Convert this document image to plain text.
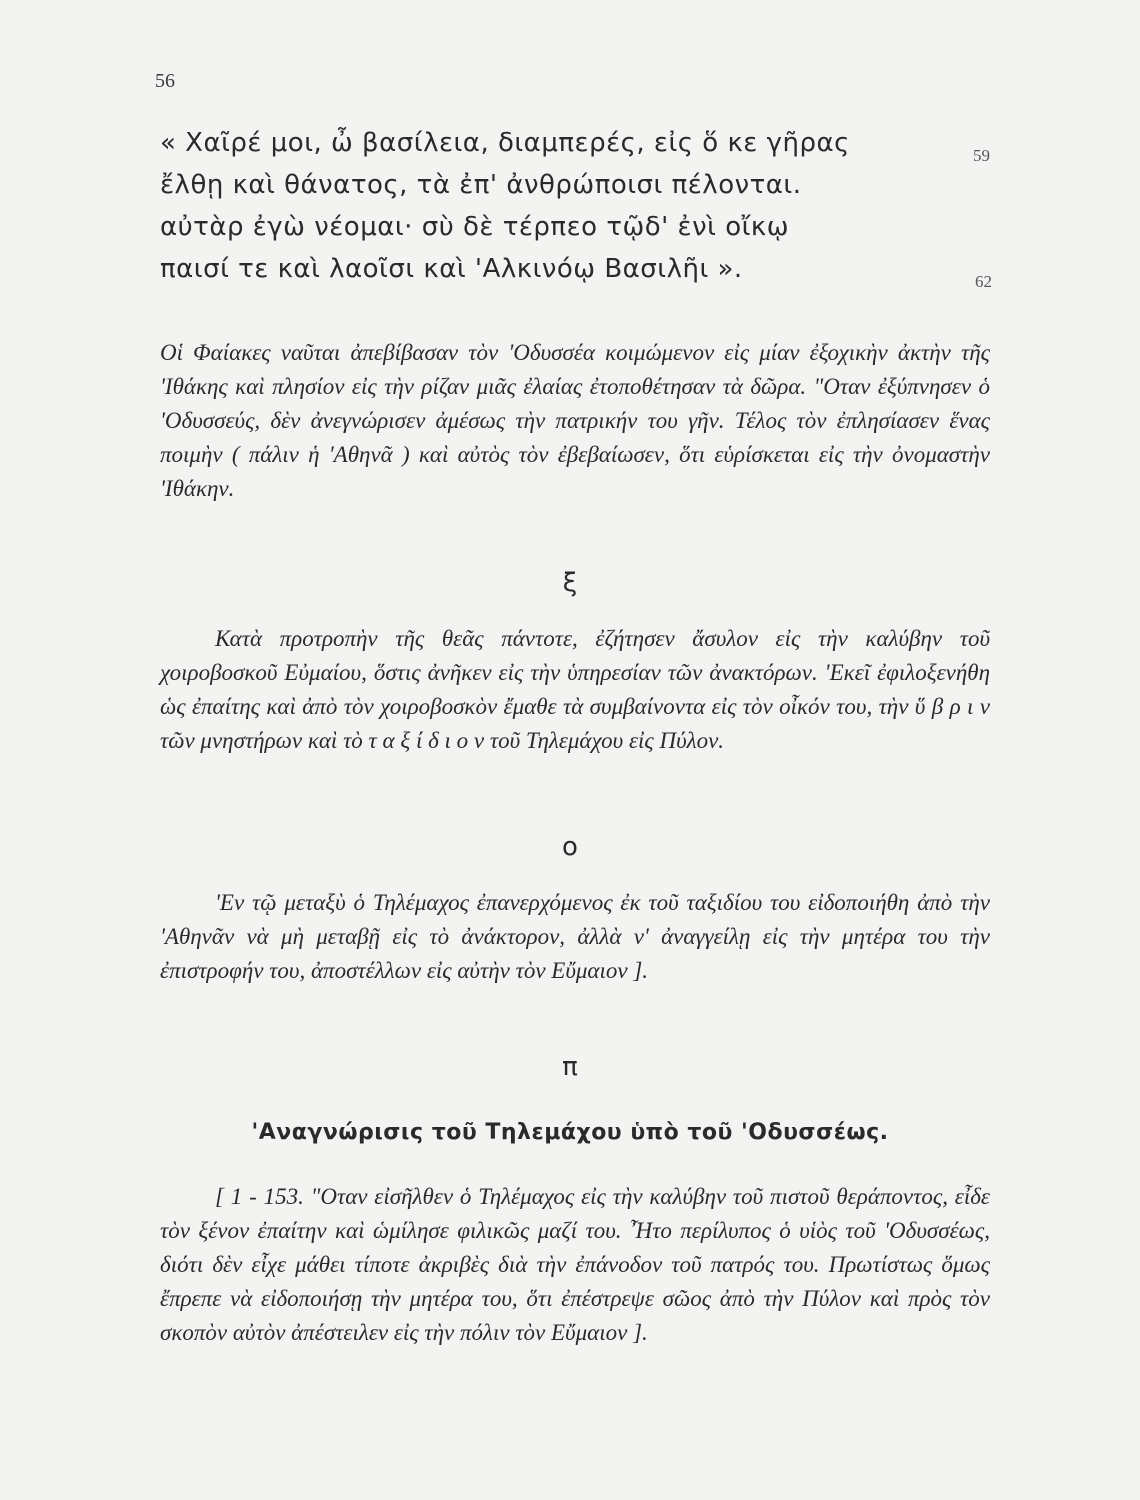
56
« Χαῖρέ μοι, ὦ βασίλεια, διαμπερές, εἰς ὅ κε γῆρας	59
ἔλθῃ καὶ θάνατος, τὰ ἐπ' ἀνθρώποισι πέλονται.
αὐτὰρ ἐγὼ νέομαι· σὺ δὲ τέρπεο τῷδ' ἐνὶ οἴκῳ
παισί τε καὶ λαοῖσι καὶ 'Αλκινόῳ Βασιλῆι ».	62

Οἱ Φαίακες ναῦται ἀπεβίβασαν τὸν 'Οδυσσέα κοιμώμενον εἰς μίαν ἐξοχικὴν ἀκτὴν τῆς 'Ιθάκης καὶ πλησίον εἰς τὴν ρίζαν μιᾶς ἐλαίας ἐτοποθέτησαν τὰ δῶρα. "Οταν ἐξύπνησεν ὁ 'Οδυσσεύς, δὲν ἀνεγνώρισεν ἀμέσως τὴν πατρικήν του γῆν. Τέλος τὸν ἐπλησίασεν ἕνας ποιμὴν ( πάλιν ἡ 'Αθηνᾶ ) καὶ αὐτὸς τὸν ἐβεβαίωσεν, ὅτι εὑρίσκεται εἰς τὴν ὀνομαστὴν 'Ιθάκην.

ξ

Κατὰ προτροπὴν τῆς θεᾶς πάντοτε, ἐζήτησεν ἄσυλον εἰς τὴν καλύβην τοῦ χοιροβοσκοῦ Εὐμαίου, ὅστις ἀνῆκεν εἰς τὴν ὑπηρεσίαν τῶν ἀνακτόρων. 'Εκεῖ ἐφιλοξενήθη ὡς ἐπαίτης καὶ ἀπὸ τὸν χοιροβοσκὸν ἔμαθε τὰ συμβαίνοντα εἰς τὸν οἶκόν του, τὴν ὕ β ρ ι ν τῶν μνηστήρων καὶ τὸ τ α ξ ί δ ι ο ν τοῦ Τηλεμάχου εἰς Πύλον.

ο

'Εν τῷ μεταξὺ ὁ Τηλέμαχος ἐπανερχόμενος ἐκ τοῦ ταξιδίου του εἰδοποιήθη ἀπὸ τὴν 'Αθηνᾶν νὰ μὴ μεταβῇ εἰς τὸ ἀνάκτορον, ἀλλὰ ν' ἀναγγείλῃ εἰς τὴν μητέρα του τὴν ἐπιστροφήν του, ἀποστέλλων εἰς αὐτὴν τὸν Εὔμαιον ].

π
'Αναγνώρισις τοῦ Τηλεμάχου ὑπὸ τοῦ 'Οδυσσέως.

[ 1 - 153. "Οταν εἰσῆλθεν ὁ Τηλέμαχος εἰς τὴν καλύβην τοῦ πιστοῦ θεράποντος, εἶδε τὸν ξένον ἐπαίτην καὶ ὡμίλησε φιλικῶς μαζί του. Ἦτο περίλυπος ὁ υἱὸς τοῦ 'Οδυσσέως, διότι δὲν εἶχε μάθει τίποτε ἀκριβὲς διὰ τὴν ἐπάνοδον τοῦ πατρός του. Πρωτίστως ὅμως ἔπρεπε νὰ εἰδοποιήσῃ τὴν μητέρα του, ὅτι ἐπέστρεψε σῶος ἀπὸ τὴν Πύλον καὶ πρὸς τὸν σκοπὸν αὐτὸν ἀπέστειλεν εἰς τὴν πόλιν τὸν Εὔμαιον ].
